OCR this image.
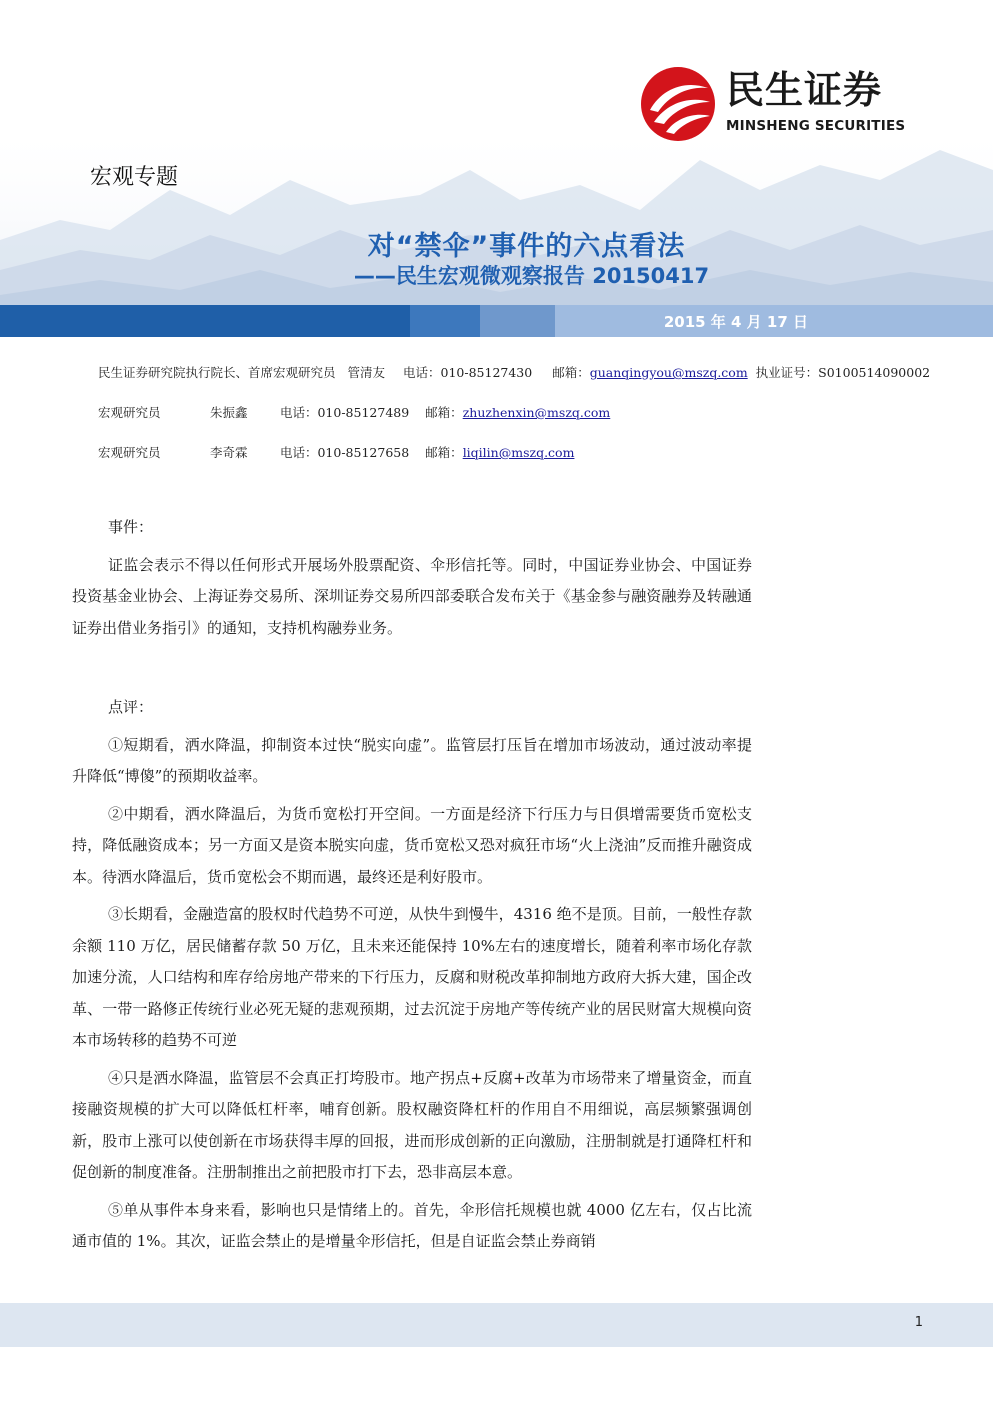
民生证券
MINSHENG SECURITIES
宏观专题
对“禁伞”事件的六点看法
——民生宏观微观察报告 20150417
2015 年 4 月 17 日
民生证券研究院执行院长、首席宏观研究员 管清友 电话：010-85127430 邮箱：guanqingyou@mszq.com 执业证号：S0100514090002
宏观研究员	朱振鑫	电话：010-85127489 邮箱：zhuzhenxin@mszq.com
宏观研究员	李奇霖	电话：010-85127658 邮箱：liqilin@mszq.com
事件：
证监会表示不得以任何形式开展场外股票配资、伞形信托等。同时，中国证券业协会、中国证券投资基金业协会、上海证券交易所、深圳证券交易所四部委联合发布关于《基金参与融资融券及转融通证券出借业务指引》的通知，支持机构融券业务。
点评：
①短期看，洒水降温，抑制资本过快“脱实向虚”。监管层打压旨在增加市场波动，通过波动率提升降低“博傻”的预期收益率。
②中期看，洒水降温后，为货币宽松打开空间。一方面是经济下行压力与日俱增需要货币宽松支持，降低融资成本；另一方面又是资本脱实向虚，货币宽松又恐对疯狂市场“火上浇油”反而推升融资成本。待洒水降温后，货币宽松会不期而遇，最终还是利好股市。
③长期看，金融造富的股权时代趋势不可逆，从快牛到慢牛，4316 绝不是顶。目前，一般性存款余额 110 万亿，居民储蓄存款 50 万亿，且未来还能保持 10%左右的速度增长，随着利率市场化存款加速分流，人口结构和库存给房地产带来的下行压力，反腐和财税改革抑制地方政府大拆大建，国企改革、一带一路修正传统行业必死无疑的悲观预期，过去沉淀于房地产等传统产业的居民财富大规模向资本市场转移的趋势不可逆
④只是洒水降温，监管层不会真正打垮股市。地产拐点+反腐+改革为市场带来了增量资金，而直接融资规模的扩大可以降低杠杆率，哺育创新。股权融资降杠杆的作用自不用细说，高层频繁强调创新，股市上涨可以使创新在市场获得丰厚的回报，进而形成创新的正向激励，注册制就是打通降杠杆和促创新的制度准备。注册制推出之前把股市打下去，恐非高层本意。
⑤单从事件本身来看，影响也只是情绪上的。首先，伞形信托规模也就 4000 亿左右，仅占比流通市值的 1%。其次，证监会禁止的是增量伞形信托，但是自证监会禁止券商销
1
